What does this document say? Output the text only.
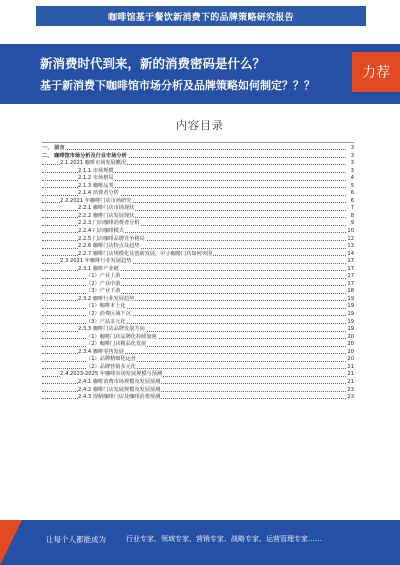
咖啡馆基于餐饮新消费下的品牌策略研究报告
新消费时代到来，新的消费密码是什么？
基于新消费下咖啡馆市场分析及品牌策略如何制定？？？
力荐
内容目录
一、 前言	3
二、 咖啡馆市场分析及行业市场分析	3
2.1 2021 咖啡市场发展概况	3
2.1.1 市场规模	3
2.1.2 市场格局	4
2.1.3 咖啡品类	5
2.1.4 消费者分析	6
2.2 2021 年咖啡门店市场研究	6
2.2.1 咖啡门店市场现状	7
2.2.2 咖啡门店发展现状	8
2.2.3 门店咖啡消费者分析	9
2.2.4 门店咖啡模式	10
2.2.5 门店咖啡品牌竞争格局	12
2.2.6 咖啡门店特点及趋势	13
2.2.7 咖啡门店规模化及创新发展，中小咖啡门店如何突围	14
2.3 2021 年咖啡行业发展趋势	17
2.3.1 咖啡产业链	17
（1）产业上游	17
（2）产业中游	17
（3）产业下游	18
2.3.2 咖啡行业发展趋势	19
（1）咖啡本土化	19
（2）消费区域下沉	19
（3）产品多元化	19
2.3.3 咖啡门店品牌发展方向	19
（1）咖啡门店品牌化持续加速	20
（2）咖啡门店精品化发展	20
2.3.4 咖啡零售发展	20
（1）品牌精细化运营	20
（2）品牌营销多元化	21
2.4 2023-2025 年咖啡市场发展规模与预测	21
2.4.1 咖啡消费市场规模及发展预测	21
2.4.2 咖啡门店发展规模及发展预测	23
2.4.3 现制咖啡门店及咖啡消费预测	23
让每个人都能成为	行业专家、领域专家、营销专家、战略专家、运营管理专家……
